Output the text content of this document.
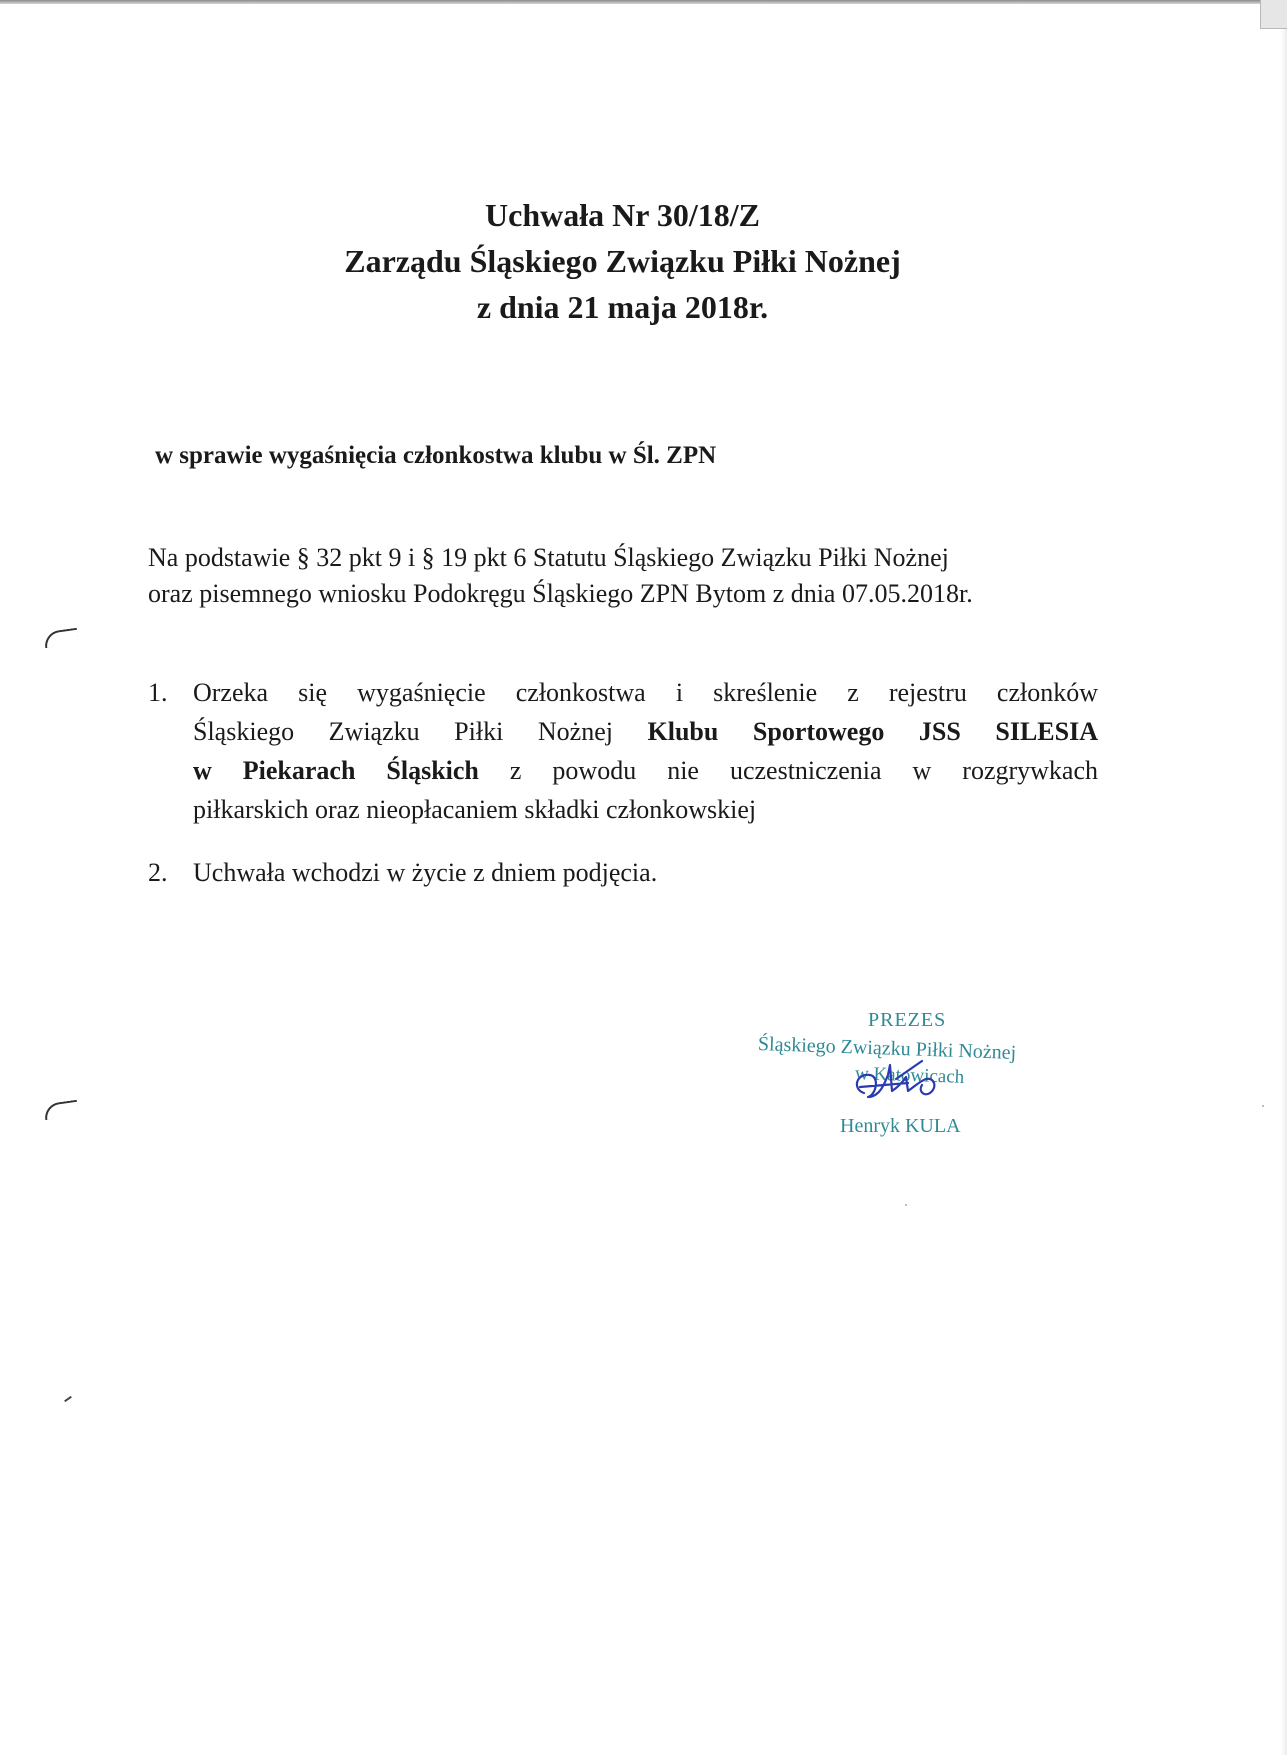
Uchwała Nr 30/18/Z
Zarządu Śląskiego Związku Piłki Nożnej
z dnia 21 maja 2018r.
w sprawie wygaśnięcia członkostwa klubu w Śl. ZPN
Na podstawie § 32 pkt 9 i § 19 pkt 6 Statutu Śląskiego Związku Piłki Nożnej
oraz pisemnego wniosku Podokręgu Śląskiego ZPN Bytom z dnia 07.05.2018r.
1. Orzeka się wygaśnięcie członkostwa i skreślenie z rejestru członków
Śląskiego Związku Piłki Nożnej Klubu Sportowego JSS SILESIA
w Piekarach Śląskich z powodu nie uczestniczenia w rozgrywkach
piłkarskich oraz nieopłacaniem składki członkowskiej
2. Uchwała wchodzi w życie z dniem podjęcia.
PREZES
Śląskiego Związku Piłki Nożnej
w Katowicach
Henryk KULA
